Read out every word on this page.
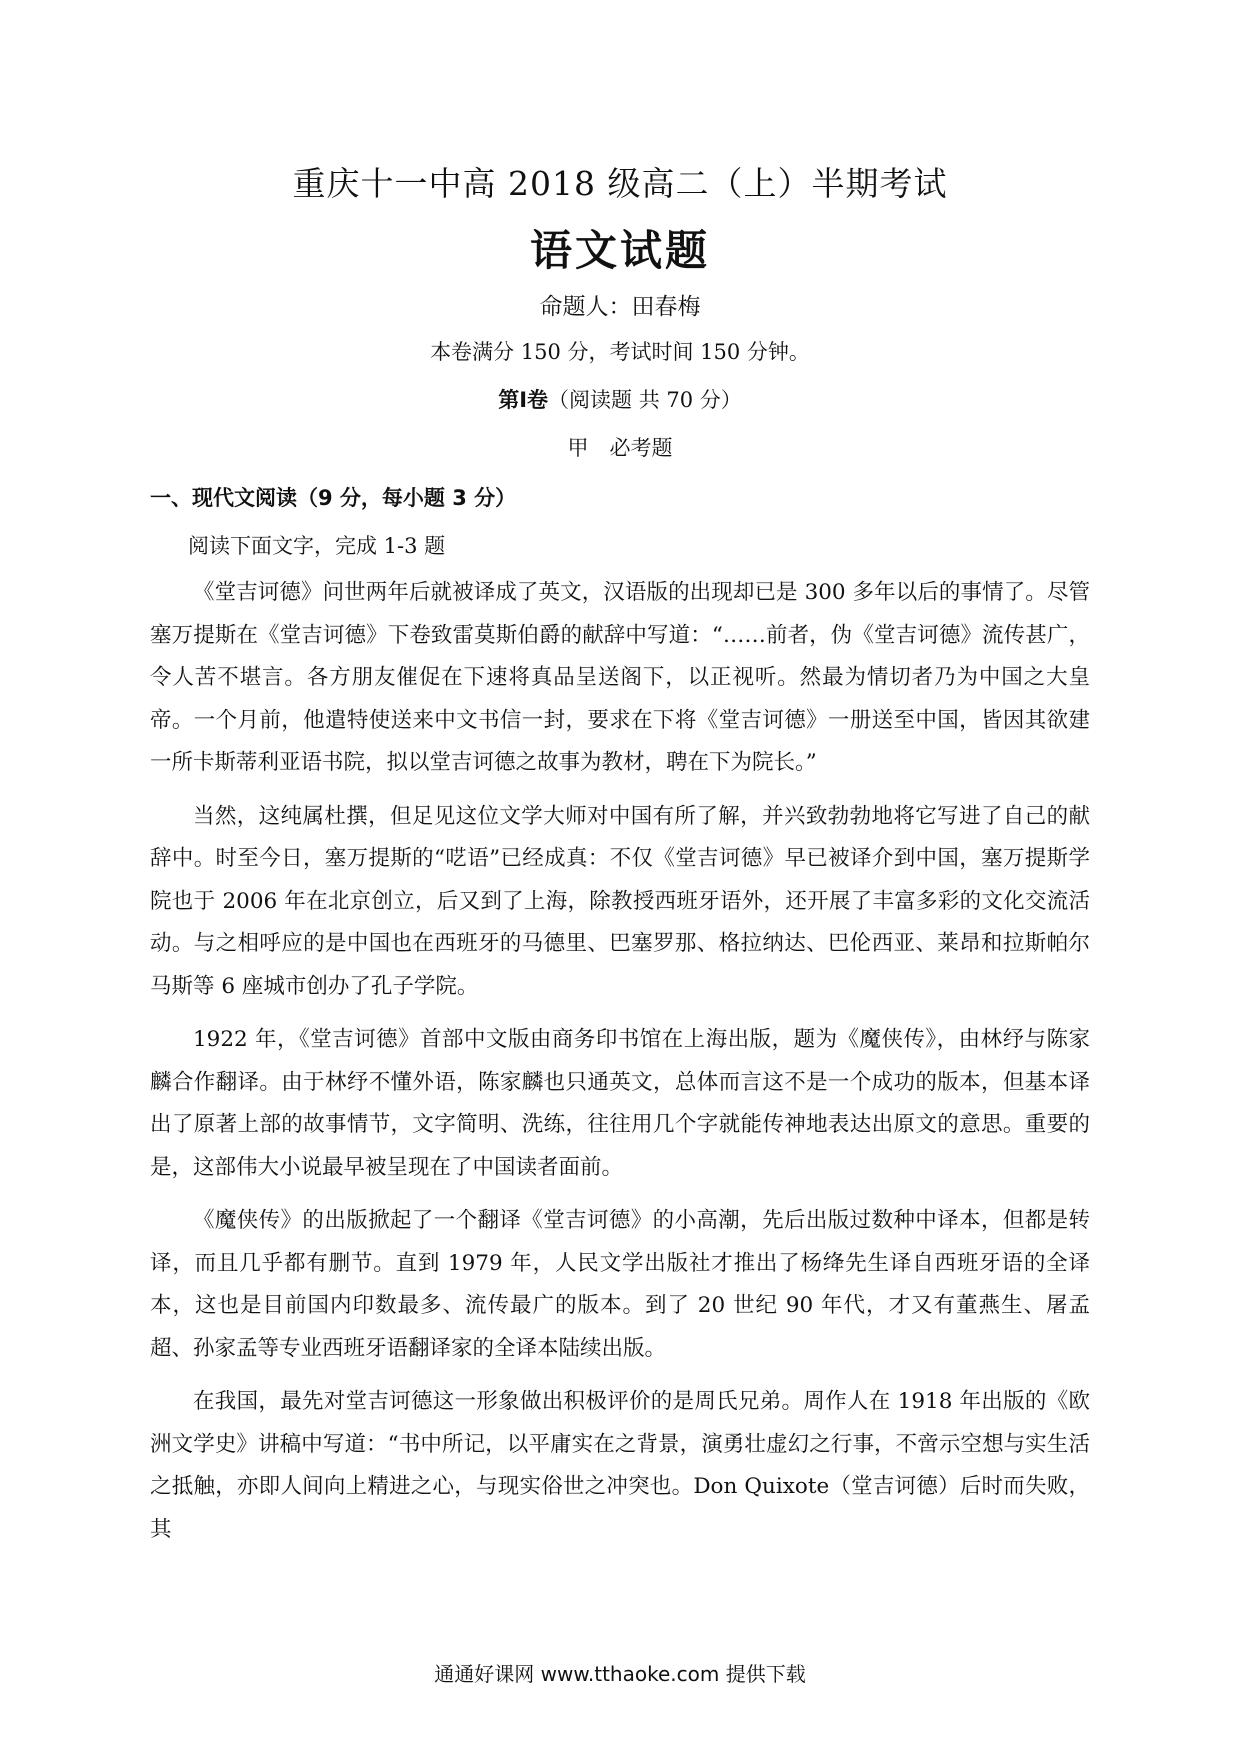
重庆十一中高 2018 级高二（上）半期考试
语文试题
命题人：田春梅
本卷满分 150 分，考试时间 150 分钟。
第Ⅰ卷（阅读题 共 70 分）
甲　必考题
一、现代文阅读（9 分，每小题 3 分）
阅读下面文字，完成 1-3 题

《堂吉诃德》问世两年后就被译成了英文，汉语版的出现却已是 300 多年以后的事情了。尽管塞万提斯在《堂吉诃德》下卷致雷莫斯伯爵的献辞中写道：“……前者，伪《堂吉诃德》流传甚广，令人苦不堪言。各方朋友催促在下速将真品呈送阁下，以正视听。然最为情切者乃为中国之大皇帝。一个月前，他遣特使送来中文书信一封，要求在下将《堂吉诃德》一册送至中国，皆因其欲建一所卡斯蒂利亚语书院，拟以堂吉诃德之故事为教材，聘在下为院长。”

当然，这纯属杜撰，但足见这位文学大师对中国有所了解，并兴致勃勃地将它写进了自己的献辞中。时至今日，塞万提斯的“呓语”已经成真：不仅《堂吉诃德》早已被译介到中国，塞万提斯学院也于 2006 年在北京创立，后又到了上海，除教授西班牙语外，还开展了丰富多彩的文化交流活动。与之相呼应的是中国也在西班牙的马德里、巴塞罗那、格拉纳达、巴伦西亚、莱昂和拉斯帕尔马斯等 6 座城市创办了孔子学院。

1922 年，《堂吉诃德》首部中文版由商务印书馆在上海出版，题为《魔侠传》，由林纾与陈家麟合作翻译。由于林纾不懂外语，陈家麟也只通英文，总体而言这不是一个成功的版本，但基本译出了原著上部的故事情节，文字简明、洗练，往往用几个字就能传神地表达出原文的意思。重要的是，这部伟大小说最早被呈现在了中国读者面前。

《魔侠传》的出版掀起了一个翻译《堂吉诃德》的小高潮，先后出版过数种中译本，但都是转译，而且几乎都有删节。直到 1979 年，人民文学出版社才推出了杨绛先生译自西班牙语的全译本，这也是目前国内印数最多、流传最广的版本。到了 20 世纪 90 年代，才又有董燕生、屠孟超、孙家孟等专业西班牙语翻译家的全译本陆续出版。

在我国，最先对堂吉诃德这一形象做出积极评价的是周氏兄弟。周作人在 1918 年出版的《欧洲文学史》讲稿中写道：“书中所记，以平庸实在之背景，演勇壮虚幻之行事，不啻示空想与实生活之抵触，亦即人间向上精进之心，与现实俗世之冲突也。Don Quixote（堂吉诃德）后时而失败，其

通通好课网 www.tthaoke.com 提供下载
